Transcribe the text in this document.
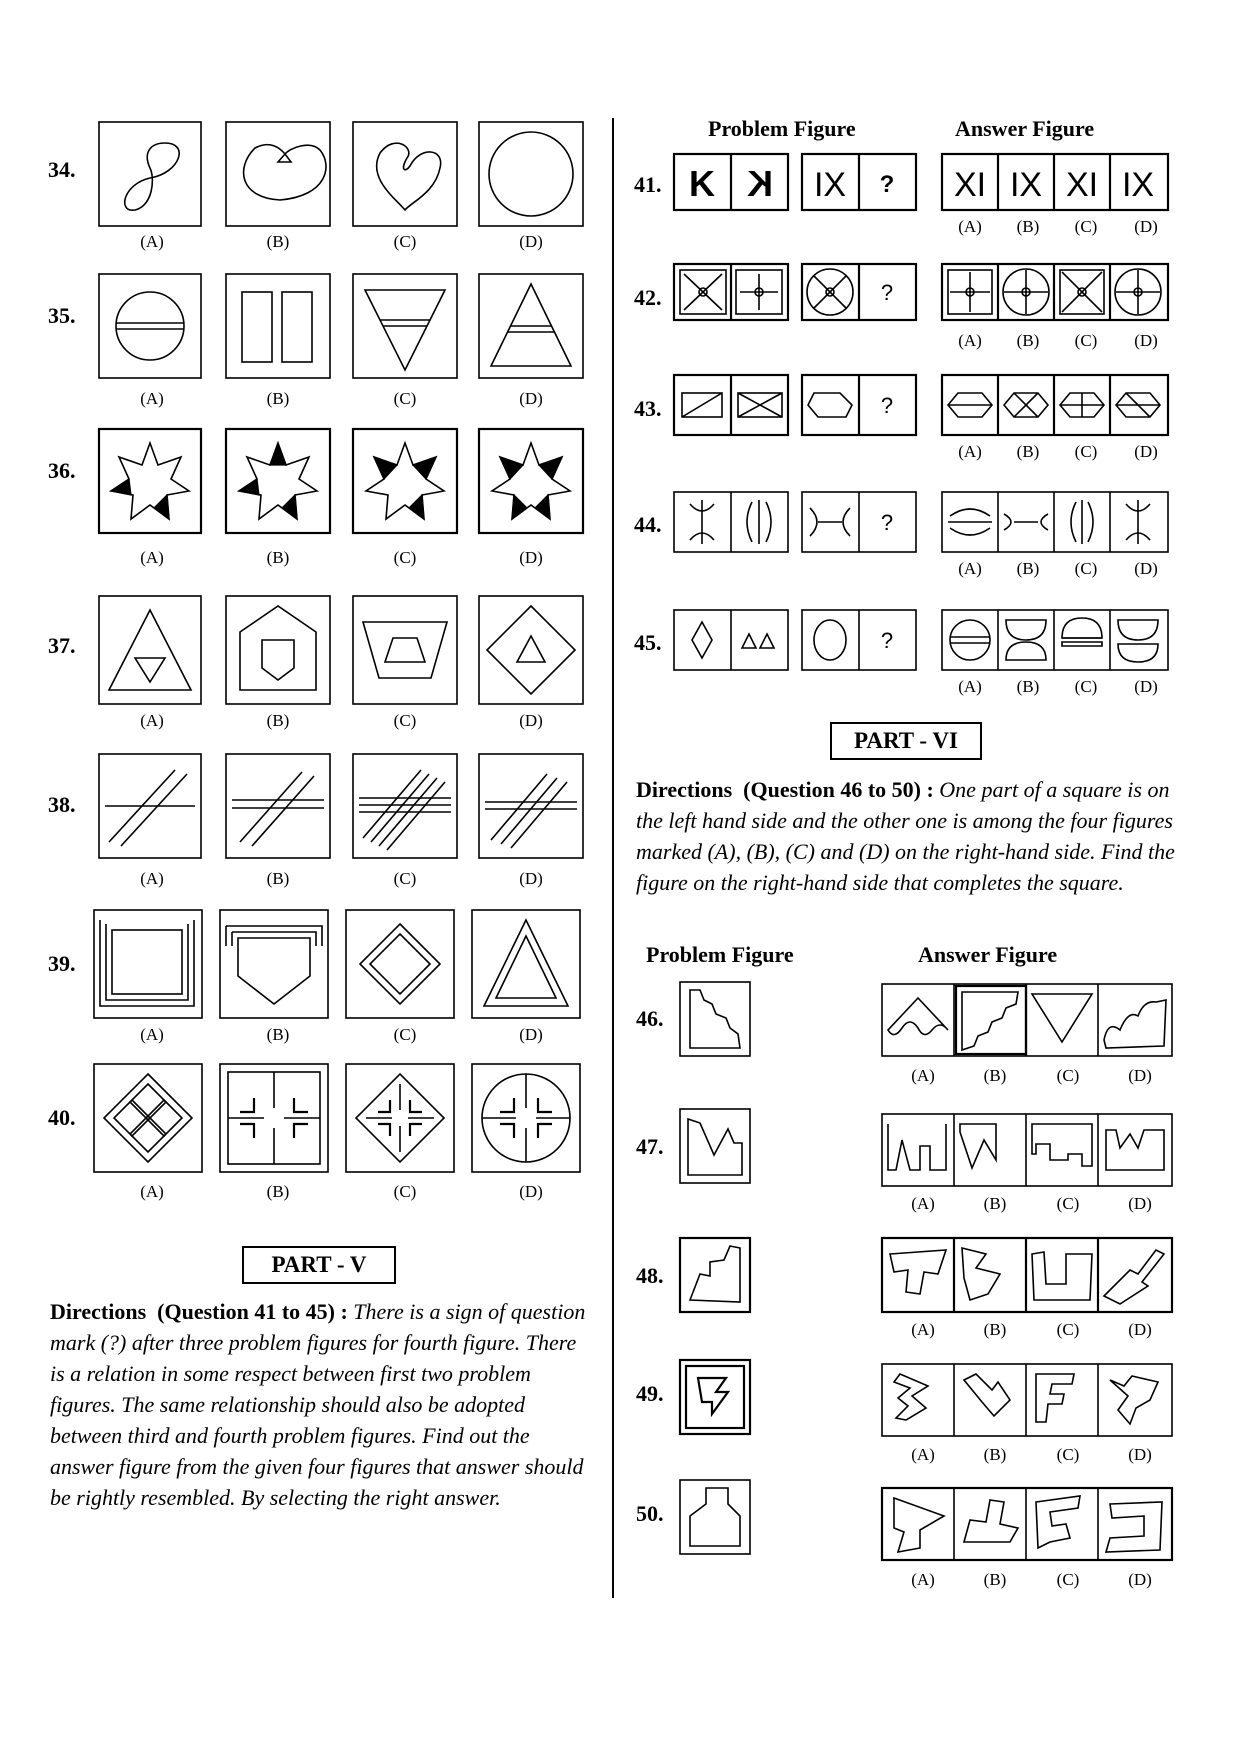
34.
(A)	(B)	(C)	(D)
35.
(A)	(B)	(C)	(D)
36.
(A)	(B)	(C)	(D)
37.
(A)	(B)	(C)	(D)
38.
(A)	(B)	(C)	(D)
39.
(A)	(B)	(C)	(D)
40.
(A)	(B)	(C)	(D)
PART - V
Directions (Question 41 to 45) : There is a sign of question mark (?) after three problem figures for fourth figure. There is a relation in some respect between first two problem figures. The same relationship should also be adopted between third and fourth problem figures. Find out the answer figure from the given four figures that answer should be rightly resembled. By selecting the right answer.
Problem Figure	Answer Figure
41. K K IX ? XI IX XI IX
(A)	(B)	(C)	(D)
42.	?
(A)	(B)	(C)	(D)
43.	?
(A)	(B)	(C)	(D)
44.	?
(A)	(B)	(C)	(D)
45.	?
(A)	(B)	(C)	(D)
PART - VI
Directions (Question 46 to 50) : One part of a square is on the left hand side and the other one is among the four figures marked (A), (B), (C) and (D) on the right-hand side. Find the figure on the right-hand side that completes the square.
Problem Figure	Answer Figure
46.
(A)	(B)	(C)	(D)
47.
(A)	(B)	(C)	(D)
48.
(A)	(B)	(C)	(D)
49.
(A)	(B)	(C)	(D)
50.
(A)	(B)	(C)	(D)
